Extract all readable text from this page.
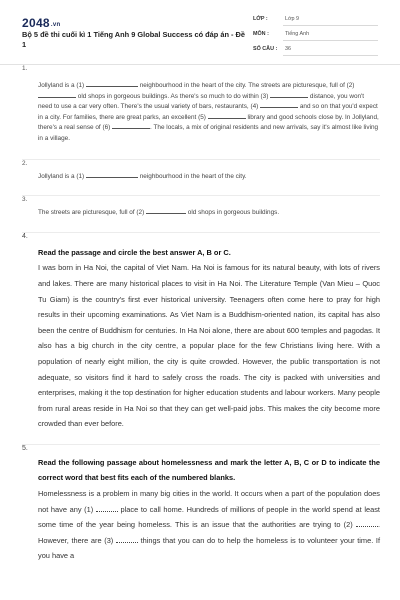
2048.vn
Bộ 5 đề thi cuối kì 1 Tiếng Anh 9 Global Success có đáp án - Đề 1
LỚP :	Lớp 9
MÔN :	Tiếng Anh
SỐ CÂU :	36
1.
Jollyland is a (1)	neighbourhood in the heart of the city. The streets are picturesque, full of (2)  old shops in gorgeous buildings. As there's so much to do within (3)	distance, you won't need to use a car very often. There's the usual variety of bars, restaurants, (4)	and so on that you'd expect in a city. For families, there are great parks, an excellent (5)	library and good schools close by. In Jollyland, there's a real sense of (6)	. The locals, a mix of original residents and new arrivals, say it's almost like living in a village.
2.
Jollyland is a (1)	neighbourhood in the heart of the city.
3.
The streets are picturesque, full of (2)	old shops in gorgeous buildings.
4.
Read the passage and circle the best answer A, B or C.
I was born in Ha Noi, the capital of Viet Nam. Ha Noi is famous for its natural beauty, with lots of rivers and lakes. There are many historical places to visit in Ha Noi. The Literature Temple (Van Mieu – Quoc Tu Giam) is the country's first ever historical university. Teenagers often come here to pray for high results in their upcoming examinations. As Viet Nam is a Buddhism-oriented nation, its capital has also been the centre of Buddhism for centuries. In Ha Noi alone, there are about 600 temples and pagodas. It also has a big church in the city centre, a popular place for the few Christians living here. With a population of nearly eight million, the city is quite crowded. However, the public transportation is not adequate, so visitors find it hard to safely cross the roads. The city is packed with universities and enterprises, making it the top destination for higher education students and labour workers. Many people from rural areas reside in Ha Noi so that they can get well-paid jobs. This makes the city become more crowded than ever before.
5.
Read the following passage about homelessness and mark the letter A, B, C or D to indicate the correct word that best fits each of the numbered blanks.
Homelessness is a problem in many big cities in the world. It occurs when a part of the population does not have any (1)	place to call home. Hundreds of millions of people in the world spend at least some time of the year being homeless. This is an issue that the authorities are trying to (2)	. However, there are (3)	things that you can do to help the homeless is to volunteer your time. If you have a
